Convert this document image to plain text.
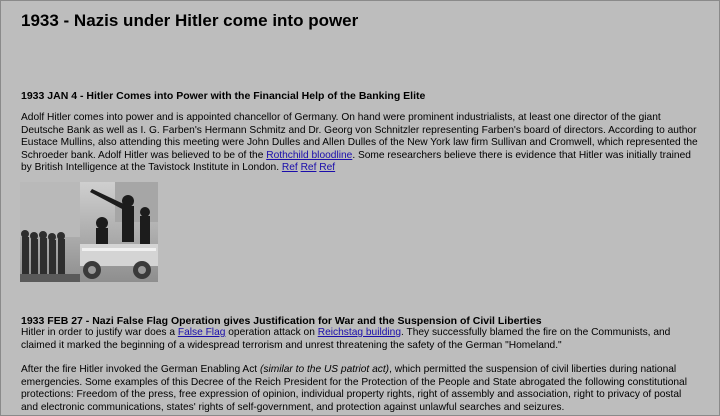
1933 - Nazis under Hitler come into power
1933 JAN 4 - Hitler Comes into Power with the Financial Help of the Banking Elite
Adolf Hitler comes into power and is appointed chancellor of Germany. On hand were prominent industrialists, at least one director of the giant Deutsche Bank as well as I. G. Farben's Hermann Schmitz and Dr. Georg von Schnitzler representing Farben's board of directors. According to author Eustace Mullins, also attending this meeting were John Dulles and Allen Dulles of the New York law firm Sullivan and Cromwell, which represented the Schroeder bank. Adolf Hitler was believed to be of the Rothchild bloodline. Some researchers believe there is evidence that Hitler was initially trained by British Intelligence at the Tavistock Institute in London. Ref Ref Ref
1933 FEB 27 - Nazi False Flag Operation gives Justification for War and the Suspension of Civil Liberties
Hitler in order to justify war does a False Flag operation attack on Reichstag building. They successfully blamed the fire on the Communists, and claimed it marked the beginning of a widespread terrorism and unrest threatening the safety of the German "Homeland."
After the fire Hitler invoked the German Enabling Act (similar to the US patriot act), which permitted the suspension of civil liberties during national emergencies. Some examples of this Decree of the Reich President for the Protection of the People and State abrogated the following constitutional protections: Freedom of the press, free expression of opinion, individual property rights, right of assembly and association, right to privacy of postal and electronic communications, states' rights of self-government, and protection against unlawful searches and seizures.
